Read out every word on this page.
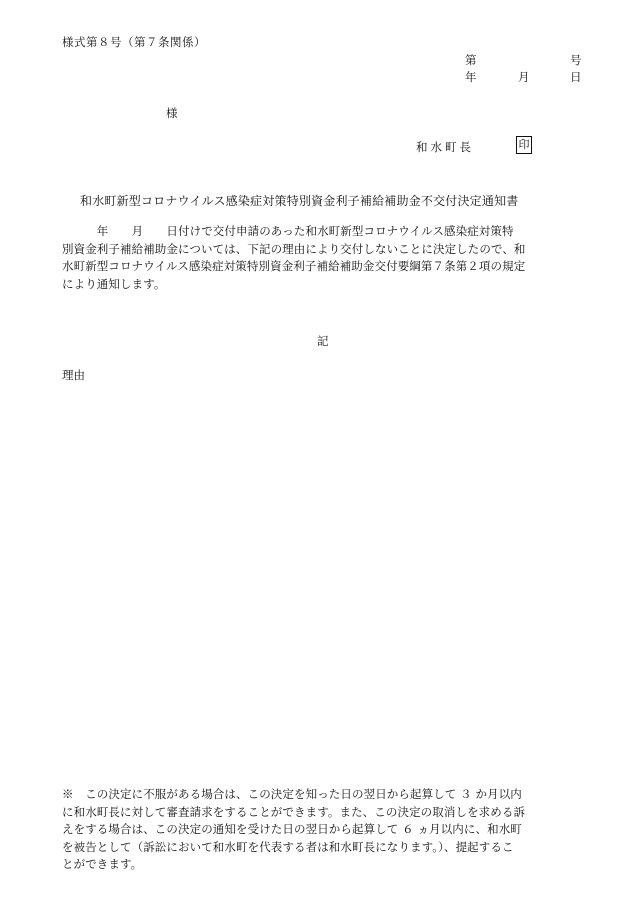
様式第８号（第７条関係）
第	号
年	月	日
様
和水町長	印
和水町新型コロナウイルス感染症対策特別資金利子補給補助金不交付決定通知書
　　　年　　月　　日付けで交付申請のあった和水町新型コロナウイルス感染症対策特
別資金利子補給補助金については、下記の理由により交付しないことに決定したので、和
水町新型コロナウイルス感染症対策特別資金利子補給補助金交付要綱第７条第２項の規定
により通知します。
記
理由
※　この決定に不服がある場合は、この決定を知った日の翌日から起算して ３ か月以内
に和水町長に対して審査請求をすることができます。また、この決定の取消しを求める訴
えをする場合は、この決定の通知を受けた日の翌日から起算して ６ ヵ月以内に、和水町
を被告として（訴訟において和水町を代表する者は和水町長になります。）、提起するこ
とができます。
